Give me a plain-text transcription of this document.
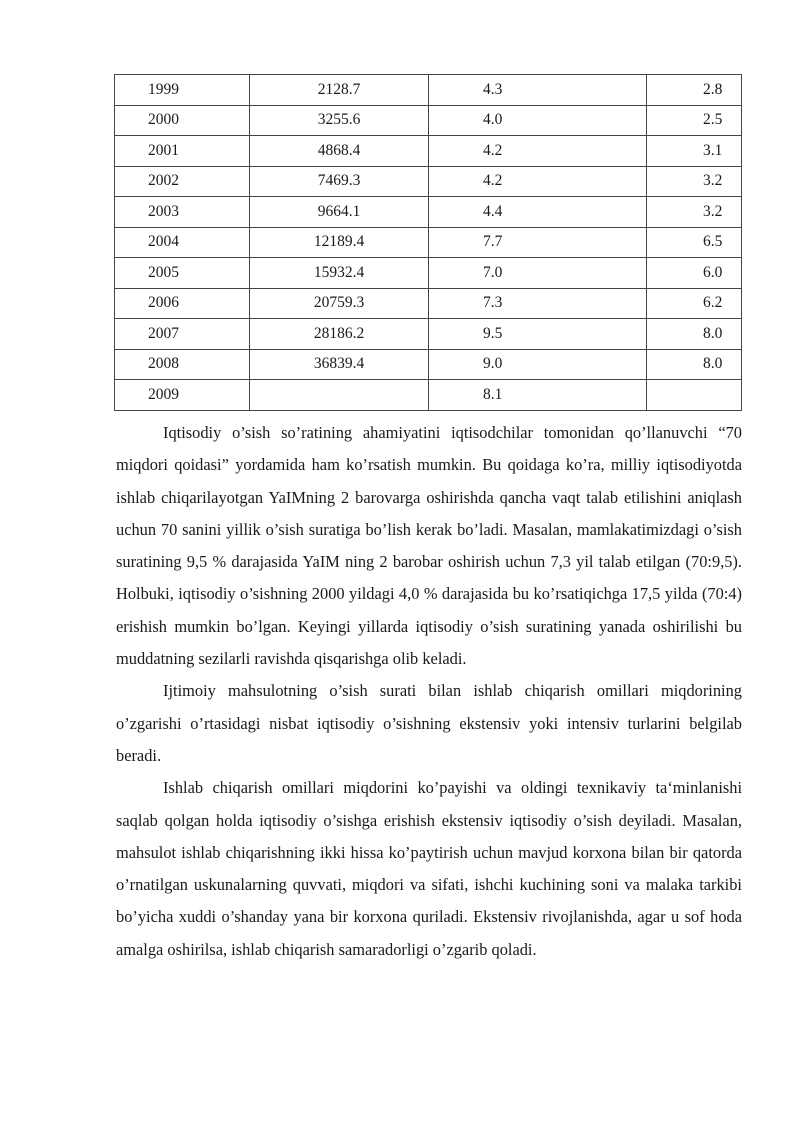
1999	2128.7	4.3	2.8
2000	3255.6	4.0	2.5
2001	4868.4	4.2	3.1
2002	7469.3	4.2	3.2
2003	9664.1	4.4	3.2
2004	12189.4	7.7	6.5
2005	15932.4	7.0	6.0
2006	20759.3	7.3	6.2
2007	28186.2	9.5	8.0
2008	36839.4	9.0	8.0
2009		8.1	

Iqtisodiy o’sish so’ratining ahamiyatini iqtisodchilar tomonidan qo’llanuvchi “70 miqdori qoidasi” yordamida ham ko’rsatish mumkin. Bu qoidaga ko’ra, milliy iqtisodiyotda ishlab chiqarilayotgan YaIMning 2 barovarga oshirishda qancha vaqt talab etilishini aniqlash uchun 70 sanini yillik o’sish suratiga bo’lish kerak bo’ladi. Masalan, mamlakatimizdagi o’sish suratining 9,5 % darajasida YaIM ning 2 barobar oshirish uchun 7,3 yil talab etilgan (70:9,5). Holbuki, iqtisodiy o’sishning 2000 yildagi 4,0 % darajasida bu ko’rsatiqichga 17,5 yilda (70:4) erishish mumkin bo’lgan. Keyingi yillarda iqtisodiy o’sish suratining yanada oshirilishi bu muddatning sezilarli ravishda qisqarishga olib keladi.

Ijtimoiy mahsulotning o’sish surati bilan ishlab chiqarish omillari miqdorining o’zgarishi o’rtasidagi nisbat iqtisodiy o’sishning ekstensiv yoki intensiv turlarini belgilab beradi.

Ishlab chiqarish omillari miqdorini ko’payishi va oldingi texnikaviy ta‘minlanishi saqlab qolgan holda iqtisodiy o’sishga erishish ekstensiv iqtisodiy o’sish deyiladi. Masalan, mahsulot ishlab chiqarishning ikki hissa ko’paytirish uchun mavjud korxona bilan bir qatorda o’rnatilgan uskunalarning quvvati, miqdori va sifati, ishchi kuchining soni va malaka tarkibi bo’yicha xuddi o’shanday yana bir korxona quriladi. Ekstensiv rivojlanishda, agar u sof hoda amalga oshirilsa, ishlab chiqarish samaradorligi o’zgarib qoladi.
